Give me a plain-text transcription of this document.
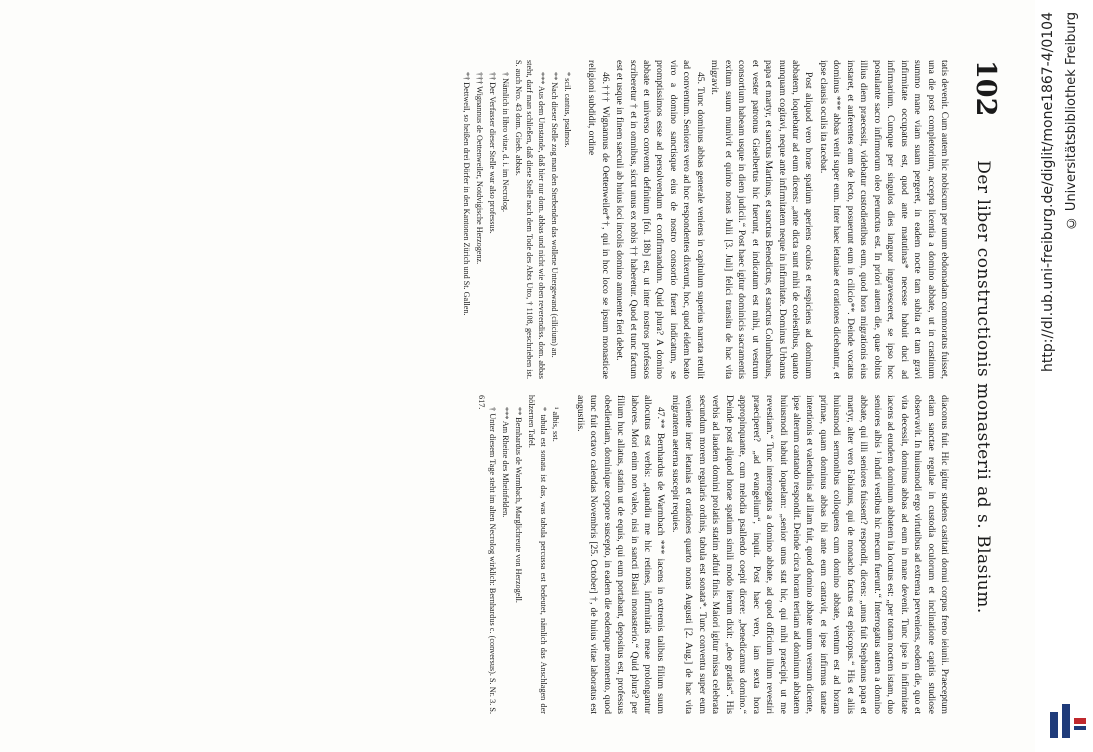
102
Der liber constructionis monasterii ad s. Blasium.

tatis devenit. Cum autem hic nobiscum per unum ebdomadam commoratus fuisset, una die post completorium, accepta licentia a domino abbate, ut in crastinum summo mane viam suam pergeret, in eadem nocte tam subita et tam gravi infirmitate occupatus est, quod ante matutinas* necesse habuit duci ad infirmarium. Cumque per singulos dies languor ingravesceret, se ipso hoc postulante sacro infirmorum oleo perunctus est. In priori autem die, quae obitus illius diem praecessit, videbatur custodientibus eum, quod hora migrationis eius instaret, et auferentes eum de lecto, posuerunt eum in cilicio**. Deinde vocatus dominus *** abbas venit super eum. Inter haec letaniae et orationes dicebantur, et ipse clausis oculis ita tacebat.

Post aliquod vero horae spatium aperiens oculos et respiciens ad dominum abbatem, loquebatur ad eum dicens: „ante dicta sunt mihi de coelestibus, quanto nunquam cogitavi, neque ante infirmitatem neque in infirmitate. Dominus Urbanus papa et martyr, et sanctus Martinus, et sanctus Benedictus, et sanctus Columbanus, et vester patronus Giselbertus hic fuerunt, et indicatum est mihi, ut vestrum consortium habeam usque in diem judicii.“ Post haec igitur dominicis sacramentis exitum suum munivit et quinto nonas Julii [3. Juli] felici transitu de hac vita migravit.

45. Tunc dominus abbas generale veniens in capitulum superius narrata retulit ad conventum. Seniores vero ad hoc respondentes dixerunt, hoc, quod eidem beato viro a domino sanctisque eius de nostro consortio fuerat indicatum, se promptissimos esse ad persolvendum et confirmandum. Quid plura? A domino abbate et universo conventu definitum [fol. 18b] est, ut inter nostros professos scriberetur † et in omnibus, sicut unus ex nobis †† haberetur. Quod et tunc factum est et usque in finem saeculi ab huius loci incolis domino annuente fieri debet.

46.††† Wignannus de Oettenweiler*†, qui in hoc loco se ipsum monasticae religioni subdidit, ordine

* scil. cantus, psalmos.

** Nach dieser Stelle zog man den Sterbenden das wollene Untergewand (cilicium) an.

*** Aus dem Umstande, daß hier nur dom. abbas und nicht wie oben reverendiss. dom. abbas steht, darf man schließen, daß diese Stelle nach dem Tode des Abts Utto, † 1108, geschrieben ist. S. auch Nro. 43 dom. Giseb. abbas.

† Nämlich in libro vitae, d. i. im Necrolog.

†† Der Verfasser dieser Stelle war also professus.

††† Wignannus de Oettenweiler, Notdvigische Herzogenz.

*† Dettweil, so heißen drei Dörfer in den Kantonen Zürich und St. Gallen.

diaconus fuit. Hic igitur studens castitati domui corpus freno ieiunii. Praeceptum etiam sanctae regulae in custodia oculorum et inclinatione capitis studiose observavit. In huiusmodi ergo virtutibus ad extrema perveniens, eodem die, quo et vita decessit, dominus abbas ad eum in mane devenit. Tunc ipse in infirmitate iacens ad eundem dominum abbatem ita locutus est: „per totam noctem istam, duo seniores albis ¹ induti vestibus hic mecum fuerunt.“ Interrogatus autem a domino abbate, qui illi seniores fuissent? respondit, dicens: „unus fuit Stephanus papa et martyr, alter vero Fabianus, qui de monacho factus est episcopus.“ His et aliis huiusmodi sermonibus colloquens cum domino abbate, ventum est ad horam primae, quam dominus abbas ibi ante eum cantavit, et ipse infirmus tantae intentionis et valetudinis ad illam fuit, quod domino abbate unum versum dicente, ipse alterum cantando respondit. Deinde circa horam tertiam ad dominum abbatem huiusmodi habuit loquelam: „senior unus stat hic, qui mihi praecipit, ut me revestiam.“ Tunc interrogatus a domino abbate, ad quod officium illum revestiri praeciperet? „ad evangelium“, inquit. Post haec vero, iam sexta hora appropinquante, cum melodia psallendo coepit dicere: „benedicamus domino.“ Deinde post aliquod horae spatium simili modo iterum dixit: „deo gratias“. His verbis ad laudem domini prolatis statim adfuit finis. Maiori igitur missa celebrata secundum morem regularis ordinis, tabula est sonata*. Tunc conventu super eum veniente inter letanias et orationes quarto nonas Augusti [2. Aug.] de hac vita migrantem aeterna suscepit requies.

47.** Bernhardus de Warmbach *** iacens in extremis talibus filium suum allocutus est verbis: „quandiu me hic retines, infirmitatis meae prolongantur labores. Mori enim non valeo, nisi in sancti Blasii monasterio.“ Quid plura? per filium huc allatus, statim ut de equis, qui eum portabant, depositus est, professus obedientiam, dominique corpore suscepto, in eadem die eodemque momento, quod tunc fuit octavo calendas Novembris [25. October] †, de huius vitae laboratus est angustiis.

¹ albis, sst.

* tabula est sonata ist das, was tabula percussa est bedeutet, nämlich das Anschlagen der hölzernen Tafel.

** Bernhardus de Warmbach, Marglichreute von Herzogell.

*** Am Rheine des Mheinfelden.

† Unter diesem Tage steht im alten Necrolog wirklich: Bernhardus c. (conversus). S. Nr. 3. S. 617.

http://dl.ub.uni-freiburg.de/diglit/mone1867-4/0104 © Universitätsbibliothek Freiburg
